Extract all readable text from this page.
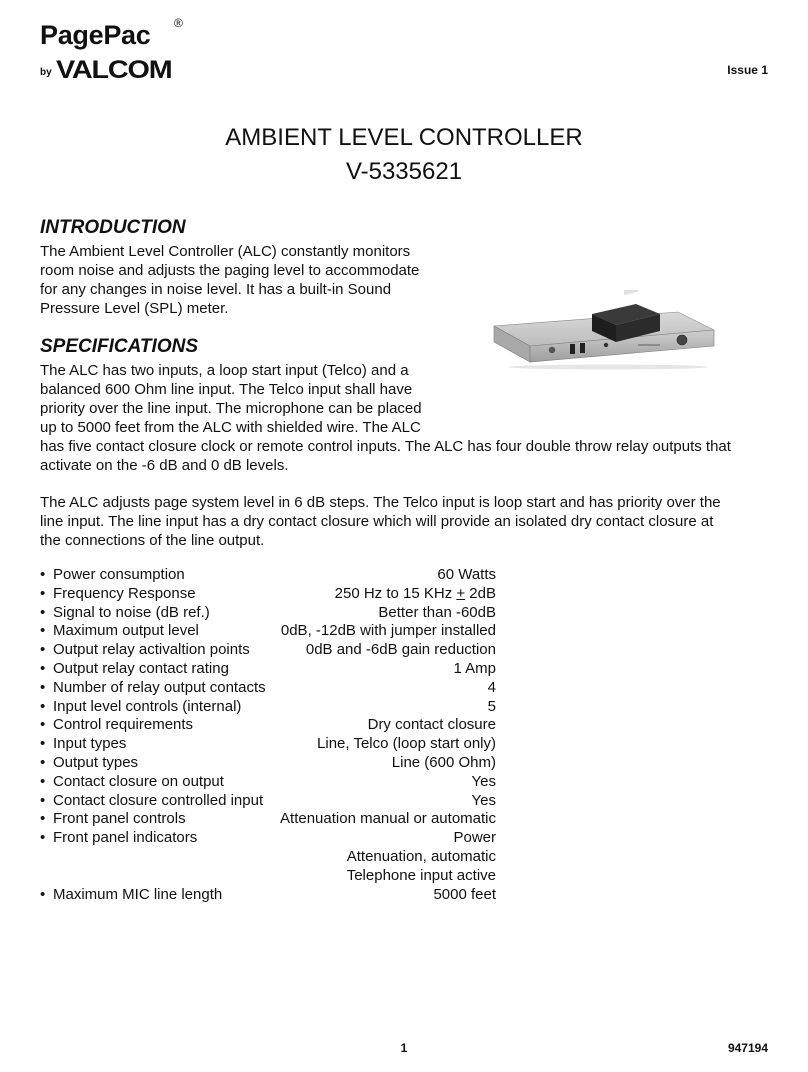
PagePac ®
by VALCOM	Issue 1
AMBIENT LEVEL CONTROLLER
V-5335621
INTRODUCTION

The Ambient Level Controller (ALC) constantly monitors
room noise and adjusts the paging level to accommodate
for any changes in noise level. It has a built-in Sound
Pressure Level (SPL) meter.

SPECIFICATIONS
The ALC has two inputs, a loop start input (Telco) and a
balanced 600 Ohm line input. The Telco input shall have
priority over the line input. The microphone can be placed
up to 5000 feet from the ALC with shielded wire. The ALC
has five contact closure clock or remote control inputs. The ALC has four double throw relay outputs that
activate on the -6 dB and 0 dB levels.
The ALC adjusts page system level in 6 dB steps. The Telco input is loop start and has priority over the
line input. The line input has a dry contact closure which will provide an isolated dry contact closure at
the connections of the line output.
• Power consumption	60 Watts
• Frequency Response	250 Hz to 15 KHz + 2dB
• Signal to noise (dB ref.)	Better than -60dB
• Maximum output level	0dB, -12dB with jumper installed
• Output relay activaltion points	0dB and -6dB gain reduction
• Output relay contact rating	1 Amp
• Number of relay output contacts	4
• Input level controls (internal)	5
• Control requirements	Dry contact closure
• Input types	Line, Telco (loop start only)
• Output types	Line (600 Ohm)
• Contact closure on output	Yes
• Contact closure controlled input	Yes
• Front panel controls	Attenuation manual or automatic
• Front panel indicators	Power
Attenuation, automatic
Telephone input active
• Maximum MIC line length	5000 feet
1	947194
